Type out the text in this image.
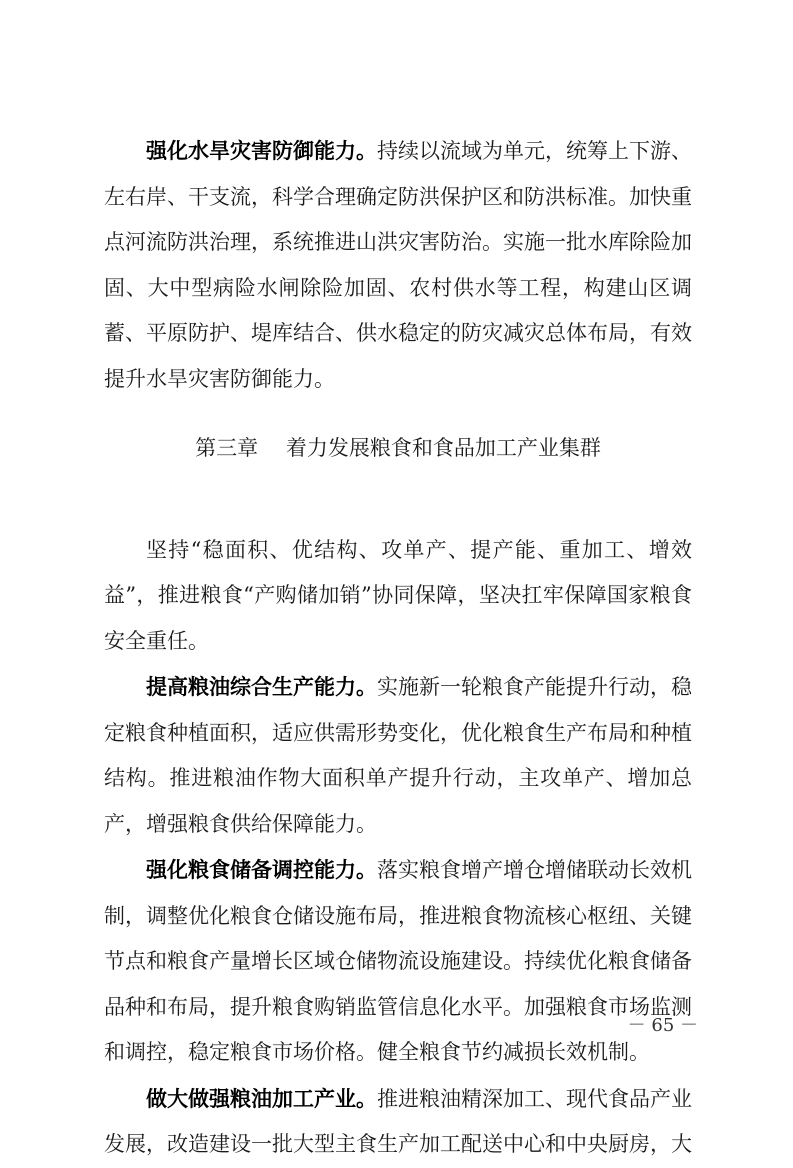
强化水旱灾害防御能力。持续以流域为单元，统筹上下游、左右岸、干支流，科学合理确定防洪保护区和防洪标准。加快重点河流防洪治理，系统推进山洪灾害防治。实施一批水库除险加固、大中型病险水闸除险加固、农村供水等工程，构建山区调蓄、平原防护、堤库结合、供水稳定的防灾减灾总体布局，有效提升水旱灾害防御能力。

第三章　 着力发展粮食和食品加工产业集群

坚持“稳面积、优结构、攻单产、提产能、重加工、增效益”，推进粮食“产购储加销”协同保障，坚决扛牢保障国家粮食安全重任。

提高粮油综合生产能力。实施新一轮粮食产能提升行动，稳定粮食种植面积，适应供需形势变化，优化粮食生产布局和种植结构。推进粮油作物大面积单产提升行动，主攻单产、增加总产，增强粮食供给保障能力。

强化粮食储备调控能力。落实粮食增产增仓增储联动长效机制，调整优化粮食仓储设施布局，推进粮食物流核心枢纽、关键节点和粮食产量增长区域仓储物流设施建设。持续优化粮食储备品种和布局，提升粮食购销监管信息化水平。加强粮食市场监测和调控，稳定粮食市场价格。健全粮食节约减损长效机制。

做大做强粮油加工产业。推进粮油精深加工、现代食品产业发展，改造建设一批大型主食生产加工配送中心和中央厨房，大

－ 65 －
